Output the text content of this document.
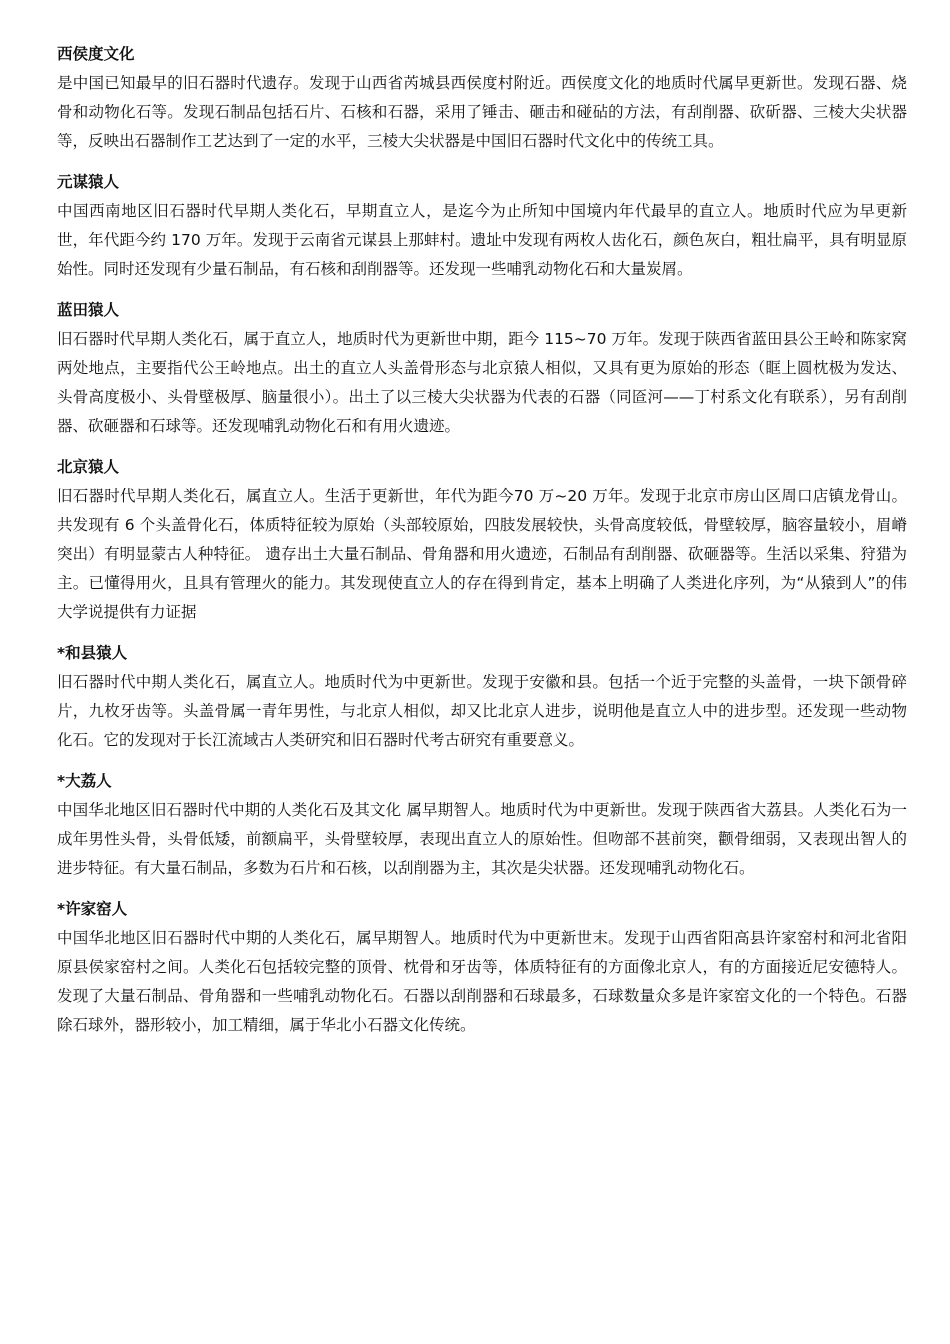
西侯度文化

是中国已知最早的旧石器时代遗存。发现于山西省芮城县西侯度村附近。西侯度文化的地质时代属早更新世。发现石器、烧骨和动物化石等。发现石制品包括石片、石核和石器，采用了锤击、砸击和碰砧的方法，有刮削器、砍斫器、三棱大尖状器等，反映出石器制作工艺达到了一定的水平，三棱大尖状器是中国旧石器时代文化中的传统工具。

元谋猿人

中国西南地区旧石器时代早期人类化石，早期直立人，是迄今为止所知中国境内年代最早的直立人。地质时代应为早更新世，年代距今约 170 万年。发现于云南省元谋县上那蚌村。遗址中发现有两枚人齿化石，颜色灰白，粗壮扁平，具有明显原始性。同时还发现有少量石制品，有石核和刮削器等。还发现一些哺乳动物化石和大量炭屑。

蓝田猿人

旧石器时代早期人类化石，属于直立人，地质时代为更新世中期，距今 115~70 万年。发现于陕西省蓝田县公王岭和陈家窝两处地点，主要指代公王岭地点。出土的直立人头盖骨形态与北京猿人相似，又具有更为原始的形态（眶上圆枕极为发达、头骨高度极小、头骨壁极厚、脑量很小）。出土了以三棱大尖状器为代表的石器（同匼河——丁村系文化有联系），另有刮削器、砍砸器和石球等。还发现哺乳动物化石和有用火遗迹。

北京猿人

旧石器时代早期人类化石，属直立人。生活于更新世，年代为距今70 万~20 万年。发现于北京市房山区周口店镇龙骨山。共发现有 6 个头盖骨化石，体质特征较为原始（头部较原始，四肢发展较快，头骨高度较低，骨壁较厚，脑容量较小，眉嵴突出）有明显蒙古人种特征。 遗存出土大量石制品、骨角器和用火遗迹，石制品有刮削器、砍砸器等。生活以采集、狩猎为主。已懂得用火，且具有管理火的能力。其发现使直立人的存在得到肯定，基本上明确了人类进化序列，为“从猿到人”的伟大学说提供有力证据

*和县猿人

旧石器时代中期人类化石，属直立人。地质时代为中更新世。发现于安徽和县。包括一个近于完整的头盖骨，一块下颌骨碎片，九枚牙齿等。头盖骨属一青年男性，与北京人相似，却又比北京人进步，说明他是直立人中的进步型。还发现一些动物化石。它的发现对于长江流域古人类研究和旧石器时代考古研究有重要意义。

*大荔人

中国华北地区旧石器时代中期的人类化石及其文化 属早期智人。地质时代为中更新世。发现于陕西省大荔县。人类化石为一成年男性头骨，头骨低矮，前额扁平，头骨壁较厚，表现出直立人的原始性。但吻部不甚前突，颧骨细弱，又表现出智人的进步特征。有大量石制品，多数为石片和石核，以刮削器为主，其次是尖状器。还发现哺乳动物化石。

*许家窑人

中国华北地区旧石器时代中期的人类化石，属早期智人。地质时代为中更新世末。发现于山西省阳高县许家窑村和河北省阳原县侯家窑村之间。人类化石包括较完整的顶骨、枕骨和牙齿等，体质特征有的方面像北京人，有的方面接近尼安德特人。发现了大量石制品、骨角器和一些哺乳动物化石。石器以刮削器和石球最多，石球数量众多是许家窑文化的一个特色。石器除石球外，器形较小，加工精细，属于华北小石器文化传统。
